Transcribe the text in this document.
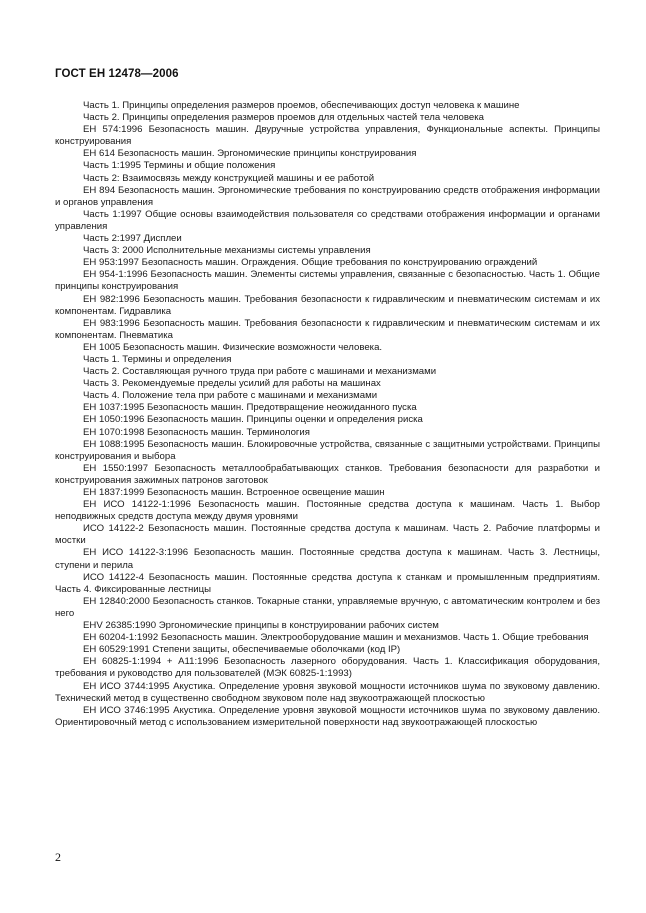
ГОСТ ЕН 12478—2006

Часть 1. Принципы определения размеров проемов, обеспечивающих доступ человека к машине

Часть 2. Принципы определения размеров проемов для отдельных частей тела человека

ЕН 574:1996 Безопасность машин. Двуручные устройства управления, Функциональные аспекты. Принципы конструирования

ЕН 614 Безопасность машин. Эргономические принципы конструирования

Часть 1:1995 Термины и общие положения

Часть 2: Взаимосвязь между конструкцией машины и ее работой

ЕН 894 Безопасность машин. Эргономические требования по конструированию средств отображения информации и органов управления

Часть 1:1997 Общие основы взаимодействия пользователя со средствами отображения информации и органами управления

Часть 2:1997 Дисплеи

Часть 3: 2000 Исполнительные механизмы системы управления

ЕН 953:1997 Безопасность машин. Ограждения. Общие требования по конструированию ограждений

ЕН 954-1:1996 Безопасность машин. Элементы системы управления, связанные с безопасностью. Часть 1. Общие принципы конструирования

ЕН 982:1996 Безопасность машин. Требования безопасности к гидравлическим и пневматическим системам и их компонентам. Гидравлика

ЕН 983:1996 Безопасность машин. Требования безопасности к гидравлическим и пневматическим системам и их компонентам. Пневматика

ЕН 1005 Безопасность машин. Физические возможности человека.

Часть 1. Термины и определения

Часть 2. Составляющая ручного труда при работе с машинами и механизмами

Часть 3. Рекомендуемые пределы усилий для работы на машинах

Часть 4. Положение тела при работе с машинами и механизмами

ЕН 1037:1995 Безопасность машин. Предотвращение неожиданного пуска

ЕН 1050:1996 Безопасность машин. Принципы оценки и определения риска

ЕН 1070:1998 Безопасность машин. Терминология

ЕН 1088:1995 Безопасность машин. Блокировочные устройства, связанные с защитными устройствами. Принципы конструирования и выбора

ЕН 1550:1997 Безопасность металлообрабатывающих станков. Требования безопасности для разработки и конструирования зажимных патронов заготовок

ЕН 1837:1999 Безопасность машин. Встроенное освещение машин

ЕН ИСО 14122-1:1996 Безопасность машин. Постоянные средства доступа к машинам. Часть 1. Выбор неподвижных средств доступа между двумя уровнями

ИСО 14122-2 Безопасность машин. Постоянные средства доступа к машинам. Часть 2. Рабочие платформы и мостки

ЕН ИСО 14122-3:1996 Безопасность машин. Постоянные средства доступа к машинам. Часть 3. Лестницы, ступени и перила

ИСО 14122-4 Безопасность машин. Постоянные средства доступа к станкам и промышленным предприятиям. Часть 4. Фиксированные лестницы

ЕН 12840:2000 Безопасность станков. Токарные станки, управляемые вручную, с автоматическим контролем и без него

ЕНV 26385:1990 Эргономические принципы в конструировании рабочих систем

ЕН 60204-1:1992 Безопасность машин. Электрооборудование машин и механизмов. Часть 1. Общие требования

ЕН 60529:1991 Степени защиты, обеспечиваемые оболочками (код IP)

ЕН 60825-1:1994 + А11:1996 Безопасность лазерного оборудования. Часть 1. Классификация оборудования, требования и руководство для пользователей (МЭК 60825-1:1993)

ЕН ИСО 3744:1995 Акустика. Определение уровня звуковой мощности источников шума по звуковому давлению. Технический метод в существенно свободном звуковом поле над звукоотражающей плоскостью

ЕН ИСО 3746:1995 Акустика. Определение уровня звуковой мощности источников шума по звуковому давлению. Ориентировочный метод с использованием измерительной поверхности над звукоотражающей плоскостью

2
